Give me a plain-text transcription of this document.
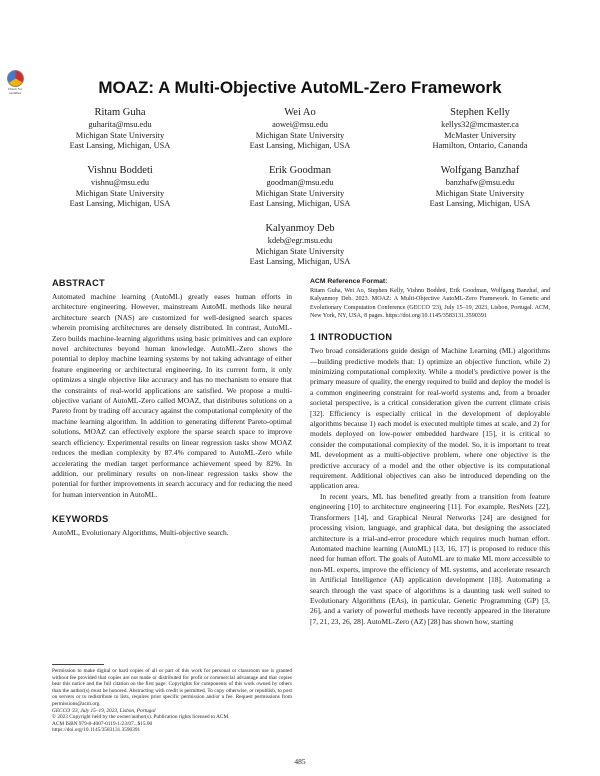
Check for updates	MOAZ: A Multi-Objective AutoML-Zero Framework
Ritam Guha
guharita@msu.edu
Michigan State University
East Lansing, Michigan, USA
Wei Ao
aowei@msu.edu
Michigan State University
East Lansing, Michigan, USA
Stephen Kelly
kellys32@mcmaster.ca
McMaster University
Hamilton, Ontario, Cananda
Vishnu Boddeti
vishnu@msu.edu
Michigan State University
East Lansing, Michigan, USA
Erik Goodman
goodman@msu.edu
Michigan State University
East Lansing, Michigan, USA
Wolfgang Banzhaf
banzhafw@msu.edu
Michigan State University
East Lansing, Michigan, USA
Kalyanmoy Deb
kdeb@egr.msu.edu
Michigan State University
East Lansing, Michigan, USA
ABSTRACT

Automated machine learning (AutoML) greatly eases human efforts in architecture engineering. However, mainstream AutoML methods like neural architecture search (NAS) are customized for well-designed search spaces wherein promising architectures are densely distributed. In contrast, AutoML-Zero builds machine-learning algorithms using basic primitives and can explore novel architectures beyond human knowledge. AutoML-Zero shows the potential to deploy machine learning systems by not taking advantage of either feature engineering or architectural engineering. In its current form, it only optimizes a single objective like accuracy and has no mechanism to ensure that the constraints of real-world applications are satisfied. We propose a multi-objective variant of AutoML-Zero called MOAZ, that distributes solutions on a Pareto front by trading off accuracy against the computational complexity of the machine learning algorithm. In addition to generating different Pareto-optimal solutions, MOAZ can effectively explore the sparse search space to improve search efficiency. Experimental results on linear regression tasks show MOAZ reduces the median complexity by 87.4% compared to AutoML-Zero while accelerating the median target performance achievement speed by 82%. In addition, our preliminary results on non-linear regression tasks show the potential for further improvements in search accuracy and for reducing the need for human intervention in AutoML.

KEYWORDS
AutoML, Evolutionary Algorithms, Multi-objective search.
Permission to make digital or hard copies of all or part of this work for personal or classroom use is granted without fee provided that copies are not made or distributed for profit or commercial advantage and that copies bear this notice and the full citation on the first page. Copyrights for components of this work owned by others than the author(s) must be honored. Abstracting with credit is permitted. To copy otherwise, or republish, to post on servers or to redistribute to lists, requires prior specific permission and/or a fee. Request permissions from permissions@acm.org.
GECCO '23, July 15–19, 2023, Lisbon, Portugal
© 2023 Copyright held by the owner/author(s). Publication rights licensed to ACM.
ACM ISBN 979-8-4007-0119-1/23/07...$15.00
https://doi.org/10.1145/3583131.3590391
ACM Reference Format:
Ritam Guha, Wei Ao, Stephen Kelly, Vishnu Boddeti, Erik Goodman, Wolfgang Banzhaf, and Kalyanmoy Deb. 2023. MOAZ: A Multi-Objective AutoML-Zero Framework. In Genetic and Evolutionary Computation Conference (GECCO '23), July 15–19, 2023, Lisbon, Portugal. ACM, New York, NY, USA, 8 pages. https://doi.org/10.1145/3583131.3590391
1 INTRODUCTION

Two broad considerations guide design of Machine Learning (ML) algorithms—building predictive models that: 1) optimize an objective function, while 2) minimizing computational complexity. While a model's predictive power is the primary measure of quality, the energy required to build and deploy the model is a common engineering constraint for real-world systems and, from a broader societal perspective, is a critical consideration given the current climate crisis [32]. Efficiency is especially critical in the development of deployable algorithms because 1) each model is executed multiple times at scale, and 2) for models deployed on low-power embedded hardware [15], it is critical to consider the computational complexity of the model. So, it is important to treat ML development as a multi-objective problem, where one objective is the predictive accuracy of a model and the other objective is its computational requirement. Additional objectives can also be introduced depending on the application area.

In recent years, ML has benefited greatly from a transition from feature engineering [10] to architecture engineering [11]. For example, ResNets [22], Transformers [14], and Graphical Neural Networks [24] are designed for processing vision, language, and graphical data, but designing the associated architecture is a trial-and-error procedure which requires much human effort. Automated machine learning (AutoML) [13, 16, 17] is proposed to reduce this need for human effort. The goals of AutoML are to make ML more accessible to non-ML experts, improve the efficiency of ML systems, and accelerate research in Artificial Intelligence (AI) application development [18]. Automating a search through the vast space of algorithms is a daunting task well suited to Evolutionary Algorithms (EAs), in particular, Genetic Programming (GP) [3, 26], and a variety of powerful methods have recently appeared in the literature [7, 21, 23, 26, 28]. AutoML-Zero (AZ) [28] has shown how, starting

485
